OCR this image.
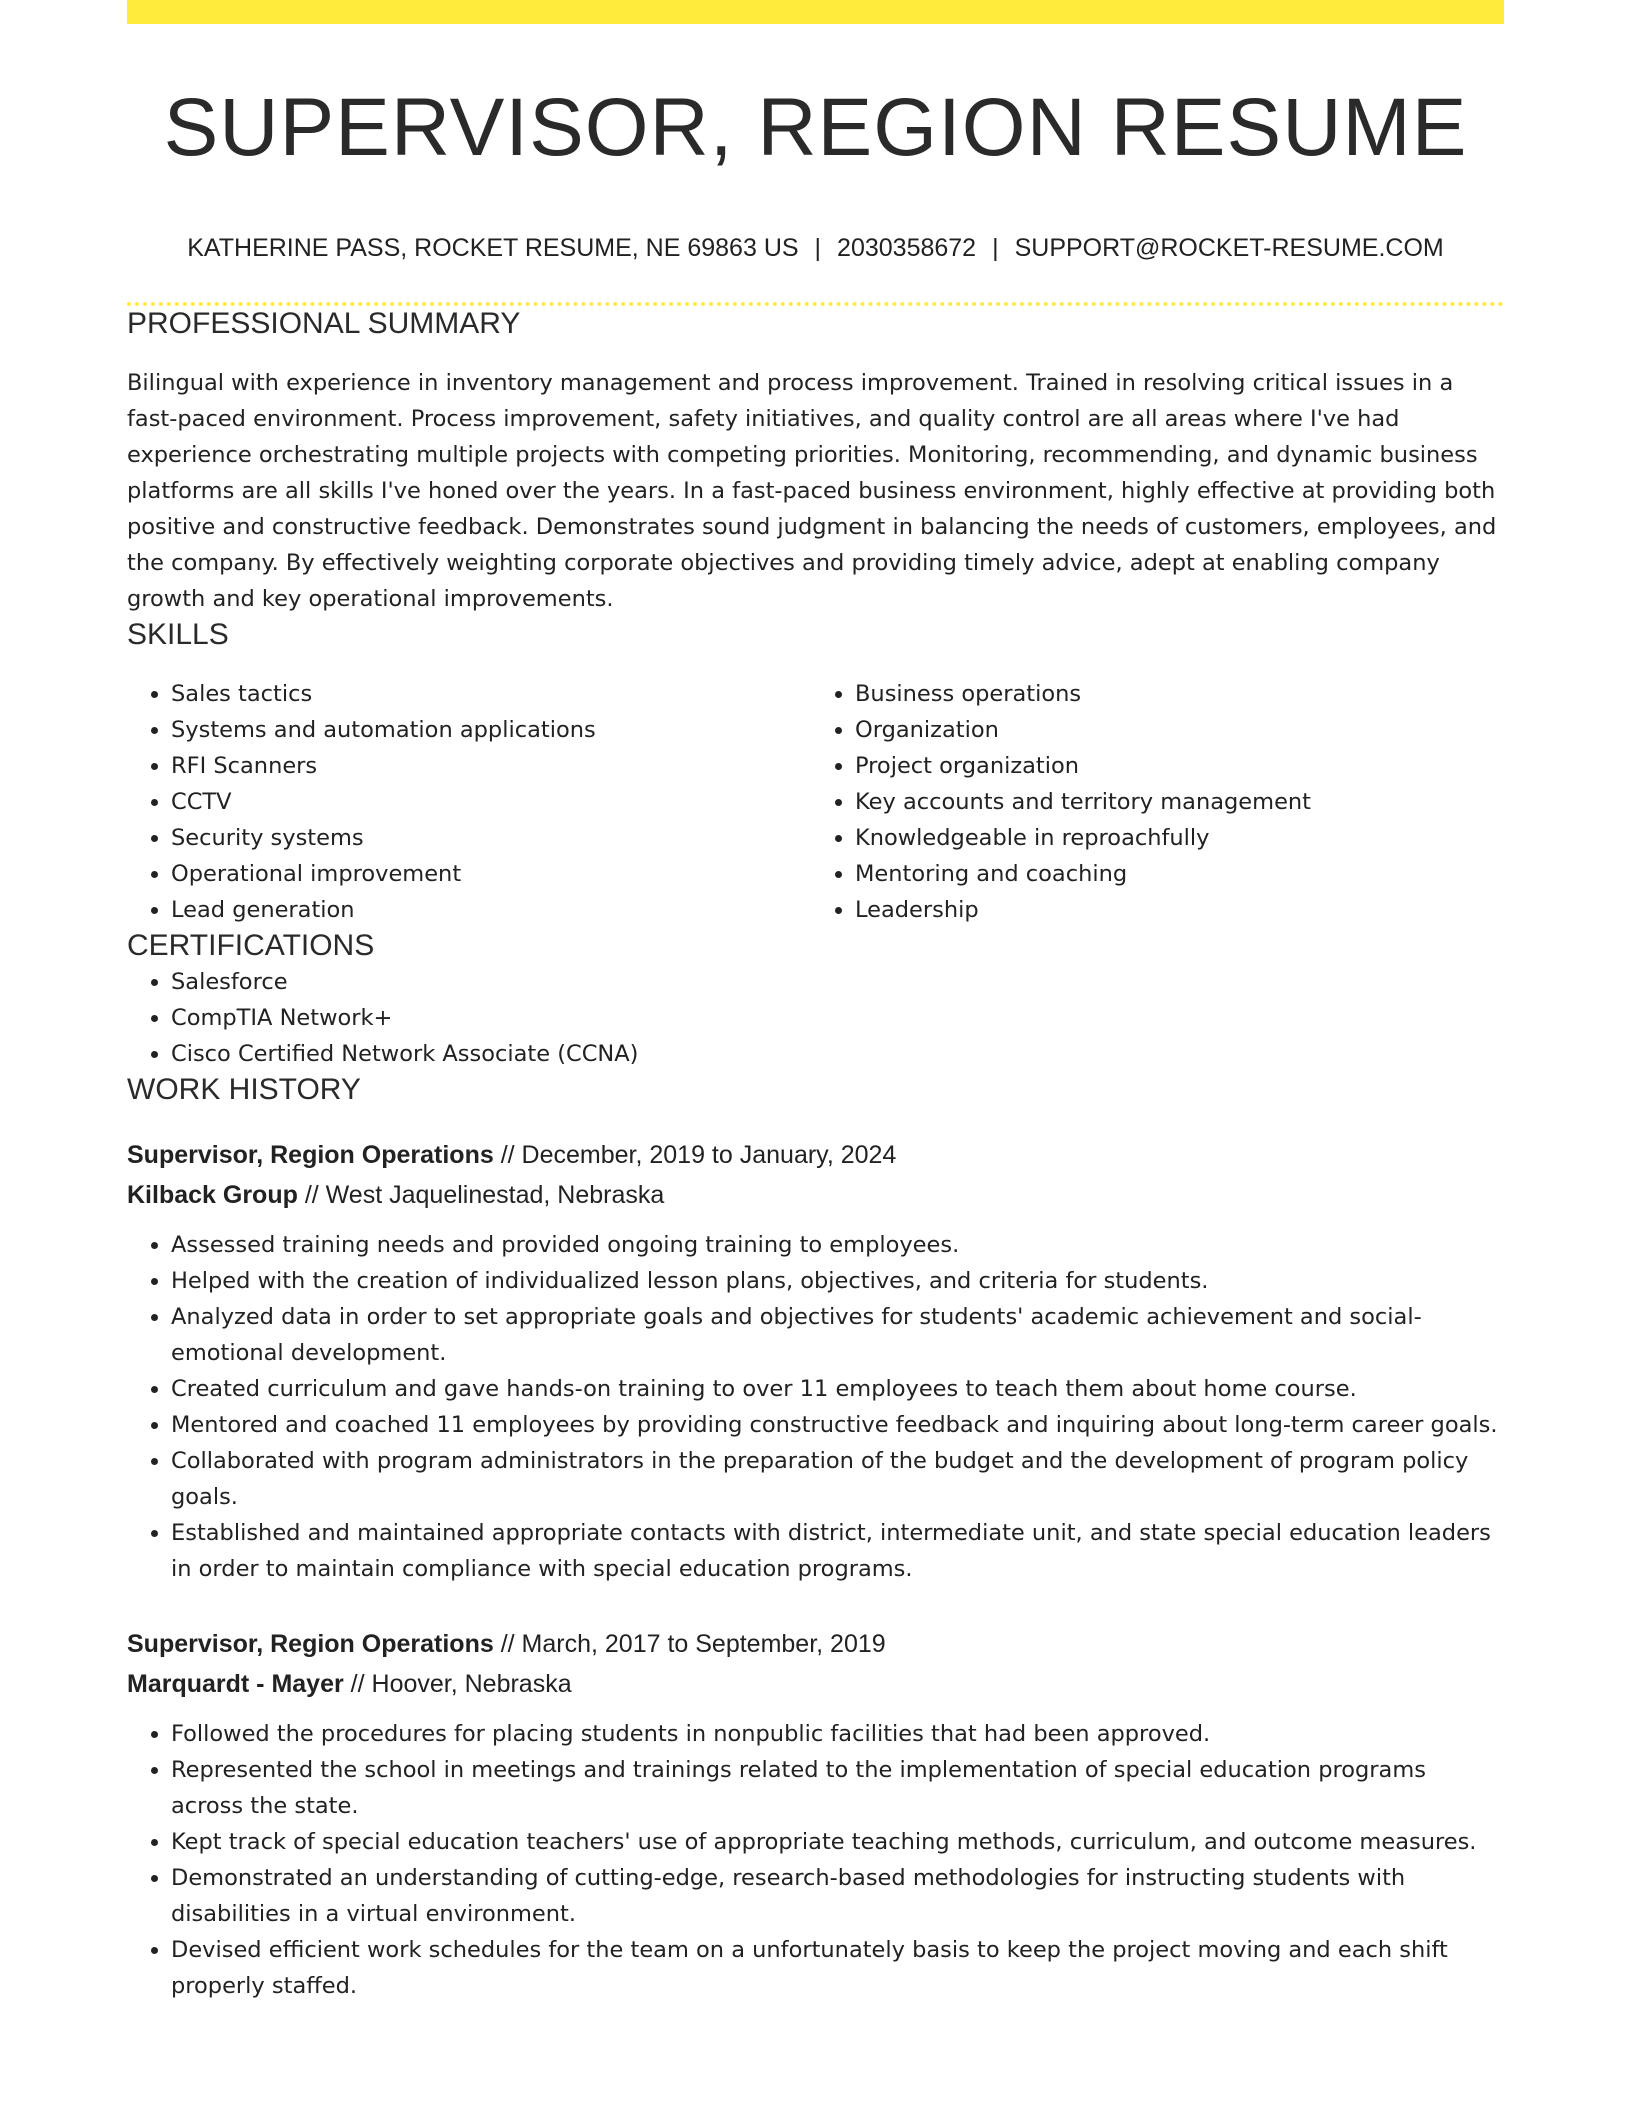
SUPERVISOR, REGION RESUME
KATHERINE PASS, ROCKET RESUME, NE 69863 US | 2030358672 | SUPPORT@ROCKET-RESUME.COM
PROFESSIONAL SUMMARY

Bilingual with experience in inventory management and process improvement. Trained in resolving critical issues in a fast-paced environment. Process improvement, safety initiatives, and quality control are all areas where I've had experience orchestrating multiple projects with competing priorities. Monitoring, recommending, and dynamic business platforms are all skills I've honed over the years. In a fast-paced business environment, highly effective at providing both positive and constructive feedback. Demonstrates sound judgment in balancing the needs of customers, employees, and the company. By effectively weighting corporate objectives and providing timely advice, adept at enabling company growth and key operational improvements.

SKILLS
• Sales tactics
• Systems and automation applications
• RFI Scanners
• CCTV
• Security systems
• Operational improvement
• Lead generation
• Business operations
• Organization
• Project organization
• Key accounts and territory management
• Knowledgeable in reproachfully
• Mentoring and coaching
• Leadership
CERTIFICATIONS
• Salesforce
• CompTIA Network+
• Cisco Certified Network Associate (CCNA)
WORK HISTORY
Supervisor, Region Operations // December, 2019 to January, 2024
Kilback Group // West Jaquelinestad, Nebraska
• Assessed training needs and provided ongoing training to employees.
• Helped with the creation of individualized lesson plans, objectives, and criteria for students.
• Analyzed data in order to set appropriate goals and objectives for students' academic achievement and social-emotional development.
• Created curriculum and gave hands-on training to over 11 employees to teach them about home course.
• Mentored and coached 11 employees by providing constructive feedback and inquiring about long-term career goals.
• Collaborated with program administrators in the preparation of the budget and the development of program policy goals.
• Established and maintained appropriate contacts with district, intermediate unit, and state special education leaders in order to maintain compliance with special education programs.
Supervisor, Region Operations // March, 2017 to September, 2019
Marquardt - Mayer // Hoover, Nebraska
• Followed the procedures for placing students in nonpublic facilities that had been approved.
• Represented the school in meetings and trainings related to the implementation of special education programs across the state.
• Kept track of special education teachers' use of appropriate teaching methods, curriculum, and outcome measures.
• Demonstrated an understanding of cutting-edge, research-based methodologies for instructing students with disabilities in a virtual environment.
• Devised efficient work schedules for the team on a unfortunately basis to keep the project moving and each shift properly staffed.
